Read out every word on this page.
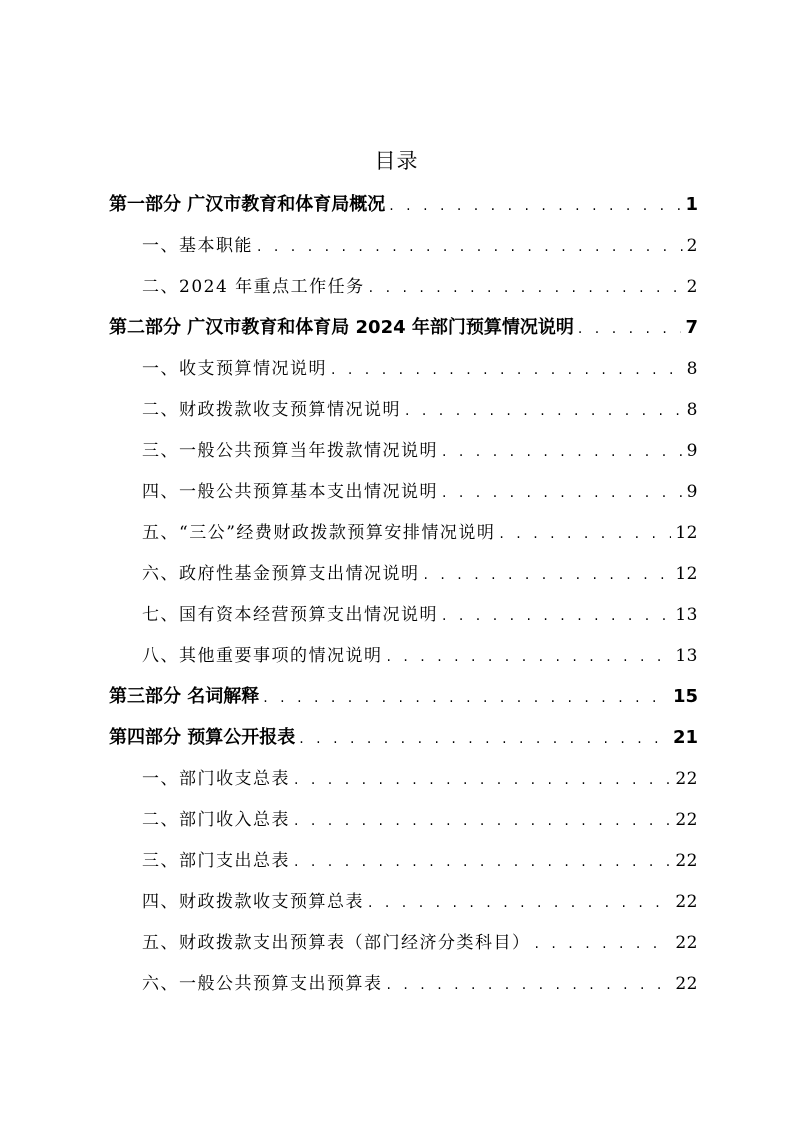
目录
第一部分 广汉市教育和体育局概况 . . .	1
一、基本职能 . . .	2
二、2024 年重点工作任务 . . .	2
第二部分 广汉市教育和体育局 2024 年部门预算情况说明 . . .	7
一、收支预算情况说明 . . .	8
二、财政拨款收支预算情况说明 . . .	8
三、一般公共预算当年拨款情况说明 . . .	9
四、一般公共预算基本支出情况说明 . . .	9
五、“三公”经费财政拨款预算安排情况说明 . . .	12
六、政府性基金预算支出情况说明 . . .	12
七、国有资本经营预算支出情况说明 . . .	13
八、其他重要事项的情况说明 . . .	13
第三部分 名词解释 . . .	15
第四部分 预算公开报表 . . .	21
一、部门收支总表 . . .	22
二、部门收入总表 . . .	22
三、部门支出总表 . . .	22
四、财政拨款收支预算总表 . . .	22
五、财政拨款支出预算表（部门经济分类科目） . . .	22
六、一般公共预算支出预算表 . . .	22
